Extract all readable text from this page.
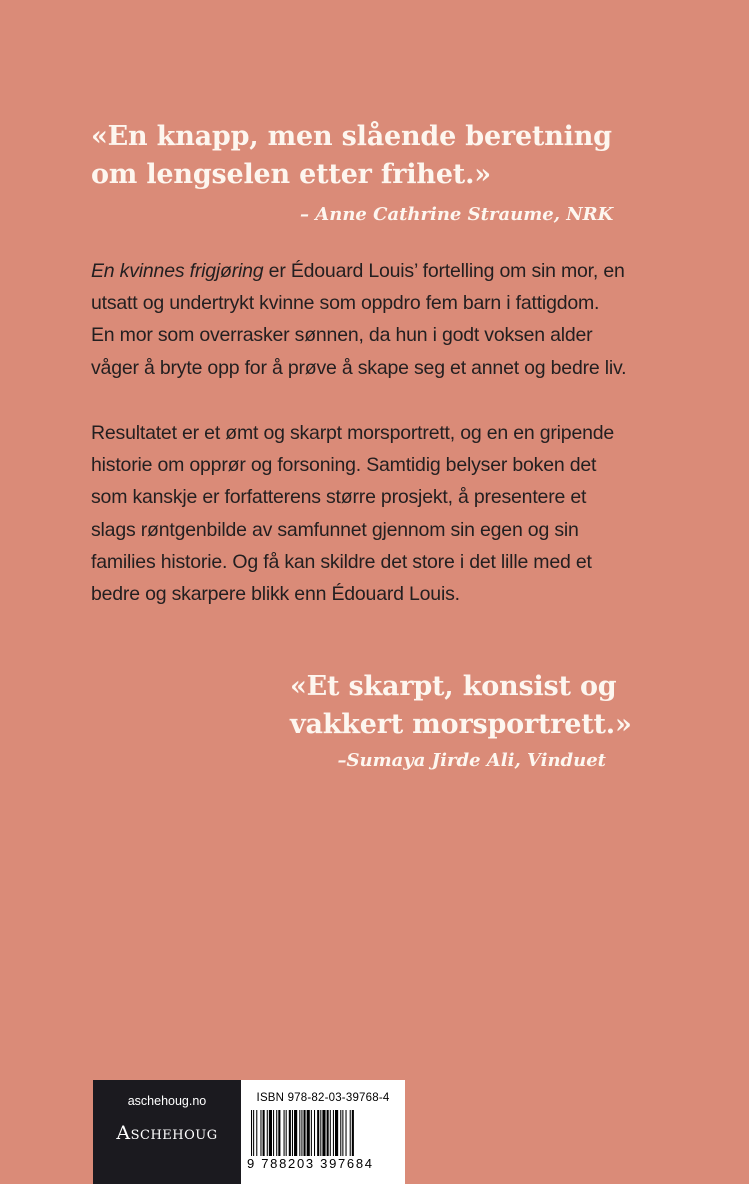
«En knapp, men slående beretning
om lengselen etter frihet.»
– Anne Cathrine Straume, NRK
En kvinnes frigjøring er Édouard Louis’ fortelling om sin mor, en
utsatt og undertrykt kvinne som oppdro fem barn i fattigdom.
En mor som overrasker sønnen, da hun i godt voksen alder
våger å bryte opp for å prøve å skape seg et annet og bedre liv.
Resultatet er et ømt og skarpt morsportrett, og en en gripende
historie om opprør og forsoning. Samtidig belyser boken det
som kanskje er forfatterens større prosjekt, å presentere et
slags røntgenbilde av samfunnet gjennom sin egen og sin
families historie. Og få kan skildre det store i det lille med et
bedre og skarpere blikk enn Édouard Louis.
«Et skarpt, konsist og
vakkert morsportrett.»
–Sumaya Jirde Ali, Vinduet
aschehoug.no
Aschehoug
ISBN 978-82-03-39768-4
9 788203 397684
